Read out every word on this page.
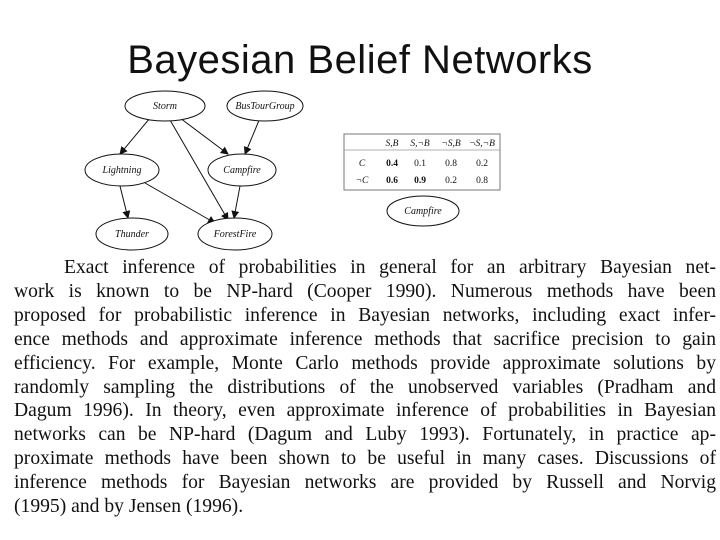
Bayesian Belief Networks
Storm	BusTourGroup
Lightning	Campfire
Thunder	ForestFire
S,B S,¬B ¬S,B ¬S,¬B
C 0.4 0.1 0.8 0.2
¬C 0.6 0.9 0.2 0.8
Campfire
Exact inference of probabilities in general for an arbitrary Bayesian net-
work is known to be NP-hard (Cooper 1990). Numerous methods have been
proposed for probabilistic inference in Bayesian networks, including exact infer-
ence methods and approximate inference methods that sacrifice precision to gain
efficiency. For example, Monte Carlo methods provide approximate solutions by
randomly sampling the distributions of the unobserved variables (Pradham and
Dagum 1996). In theory, even approximate inference of probabilities in Bayesian
networks can be NP-hard (Dagum and Luby 1993). Fortunately, in practice ap-
proximate methods have been shown to be useful in many cases. Discussions of
inference methods for Bayesian networks are provided by Russell and Norvig
(1995) and by Jensen (1996).
